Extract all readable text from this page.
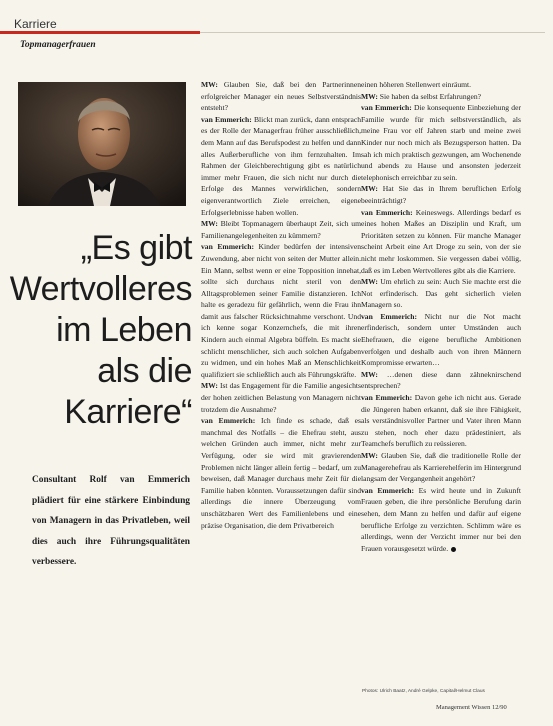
Karriere
Topmanagerfrauen
„Es gibt
Wertvolleres
im Leben
als die
Karriere“
Consultant Rolf van Emmerich plädiert für eine stärkere Einbindung von Managern in das Privatleben, weil dies auch ihre Führungsqualitäten verbessere.

MW: Glauben Sie, daß bei den Partnerinnen erfolgreicher Manager ein neues Selbstverständnis entsteht?

van Emmerich: Blickt man zurück, dann entsprach es der Rolle der Managerfrau früher ausschließlich, dem Mann auf das Berufspodest zu helfen und dann alles Außerberufliche von ihm fernzuhalten. Im Rahmen der Gleichberechtigung gibt es natürlich immer mehr Frauen, die sich nicht nur durch die Erfolge des Mannes verwirklichen, sondern eigenverantwortlich Ziele erreichen, eigene Erfolgserlebnisse haben wollen.

MW: Bleibt Topmanagern überhaupt Zeit, sich um Familienangelegenheiten zu kümmern?

van Emmerich: Kinder bedürfen der intensiven Zuwendung, aber nicht von seiten der Mutter allein. Ein Mann, selbst wenn er eine Topposition innehat, sollte sich durchaus nicht steril von den Alltagsproblemen seiner Familie distanzieren. Ich halte es geradezu für gefährlich, wenn die Frau ihn damit aus falscher Rücksichtnahme verschont. Und ich kenne sogar Konzernchefs, die mit ihren Kindern auch einmal Algebra büffeln. Es macht sie schlicht menschlicher, sich auch solchen Aufgaben zu widmen, und ein hohes Maß an Menschlichkeit qualifiziert sie schließlich auch als Führungskräfte.

MW: Ist das Engagement für die Familie angesichts der hohen zeitlichen Belastung von Managern nicht trotzdem die Ausnahme?

van Emmerich: Ich finde es schade, daß es manchmal des Notfalls – die Ehefrau steht, aus welchen Gründen auch immer, nicht mehr zur Verfügung, oder sie wird mit gravierenden Problemen nicht länger allein fertig – bedarf, um zu beweisen, daß Manager durchaus mehr Zeit für die Familie haben könnten. Voraussetzungen dafür sind allerdings die innere Überzeugung vom unschätzbaren Wert des Familienlebens und eine präzise Organisation, die dem Privatbereich

einen höheren Stellenwert einräumt.

MW: Sie haben da selbst Erfahrungen?

van Emmerich: Die konsequente Einbeziehung der Familie wurde für mich selbstverständlich, als meine Frau vor elf Jahren starb und meine zwei Kinder nur noch mich als Bezugsperson hatten. Da sah ich mich praktisch gezwungen, am Wochenende und abends zu Hause und ansonsten jederzeit telephonisch erreichbar zu sein.

MW: Hat Sie das in Ihrem beruflichen Erfolg beeinträchtigt?

van Emmerich: Keineswegs. Allerdings bedarf es eines hohen Maßes an Disziplin und Kraft, um Prioritäten setzen zu können. Für manche Manager scheint Arbeit eine Art Droge zu sein, von der sie nicht mehr loskommen. Sie vergessen dabei völlig, daß es im Leben Wertvolleres gibt als die Karriere.

MW: Um ehrlich zu sein: Auch Sie machte erst die Not erfinderisch. Das geht sicherlich vielen Managern so.

van Emmerich: Nicht nur die Not macht erfinderisch, sondern unter Umständen auch Ehefrauen, die eigene berufliche Ambitionen verfolgen und deshalb auch von ihren Männern Kompromisse erwarten…

MW: …denen diese dann zähneknirschend entsprechen?

van Emmerich: Davon gehe ich nicht aus. Gerade die Jüngeren haben erkannt, daß sie ihre Fähigkeit, als verständnisvoller Partner und Vater ihren Mann zu stehen, noch eher dazu prädestiniert, als Teamchefs beruflich zu reüssieren.

MW: Glauben Sie, daß die traditionelle Rolle der Managerehefrau als Karrierehelferin im Hintergrund langsam der Vergangenheit angehört?

van Emmerich: Es wird heute und in Zukunft Frauen geben, die ihre persönliche Berufung darin sehen, dem Mann zu helfen und dafür auf eigene berufliche Erfolge zu verzichten. Schlimm wäre es allerdings, wenn der Verzicht immer nur bei den Frauen vorausgesetzt würde.

Photos: Ulrich Baatz, André Gelpke, Capital/Helmut Claus
Management Wissen 12/90
